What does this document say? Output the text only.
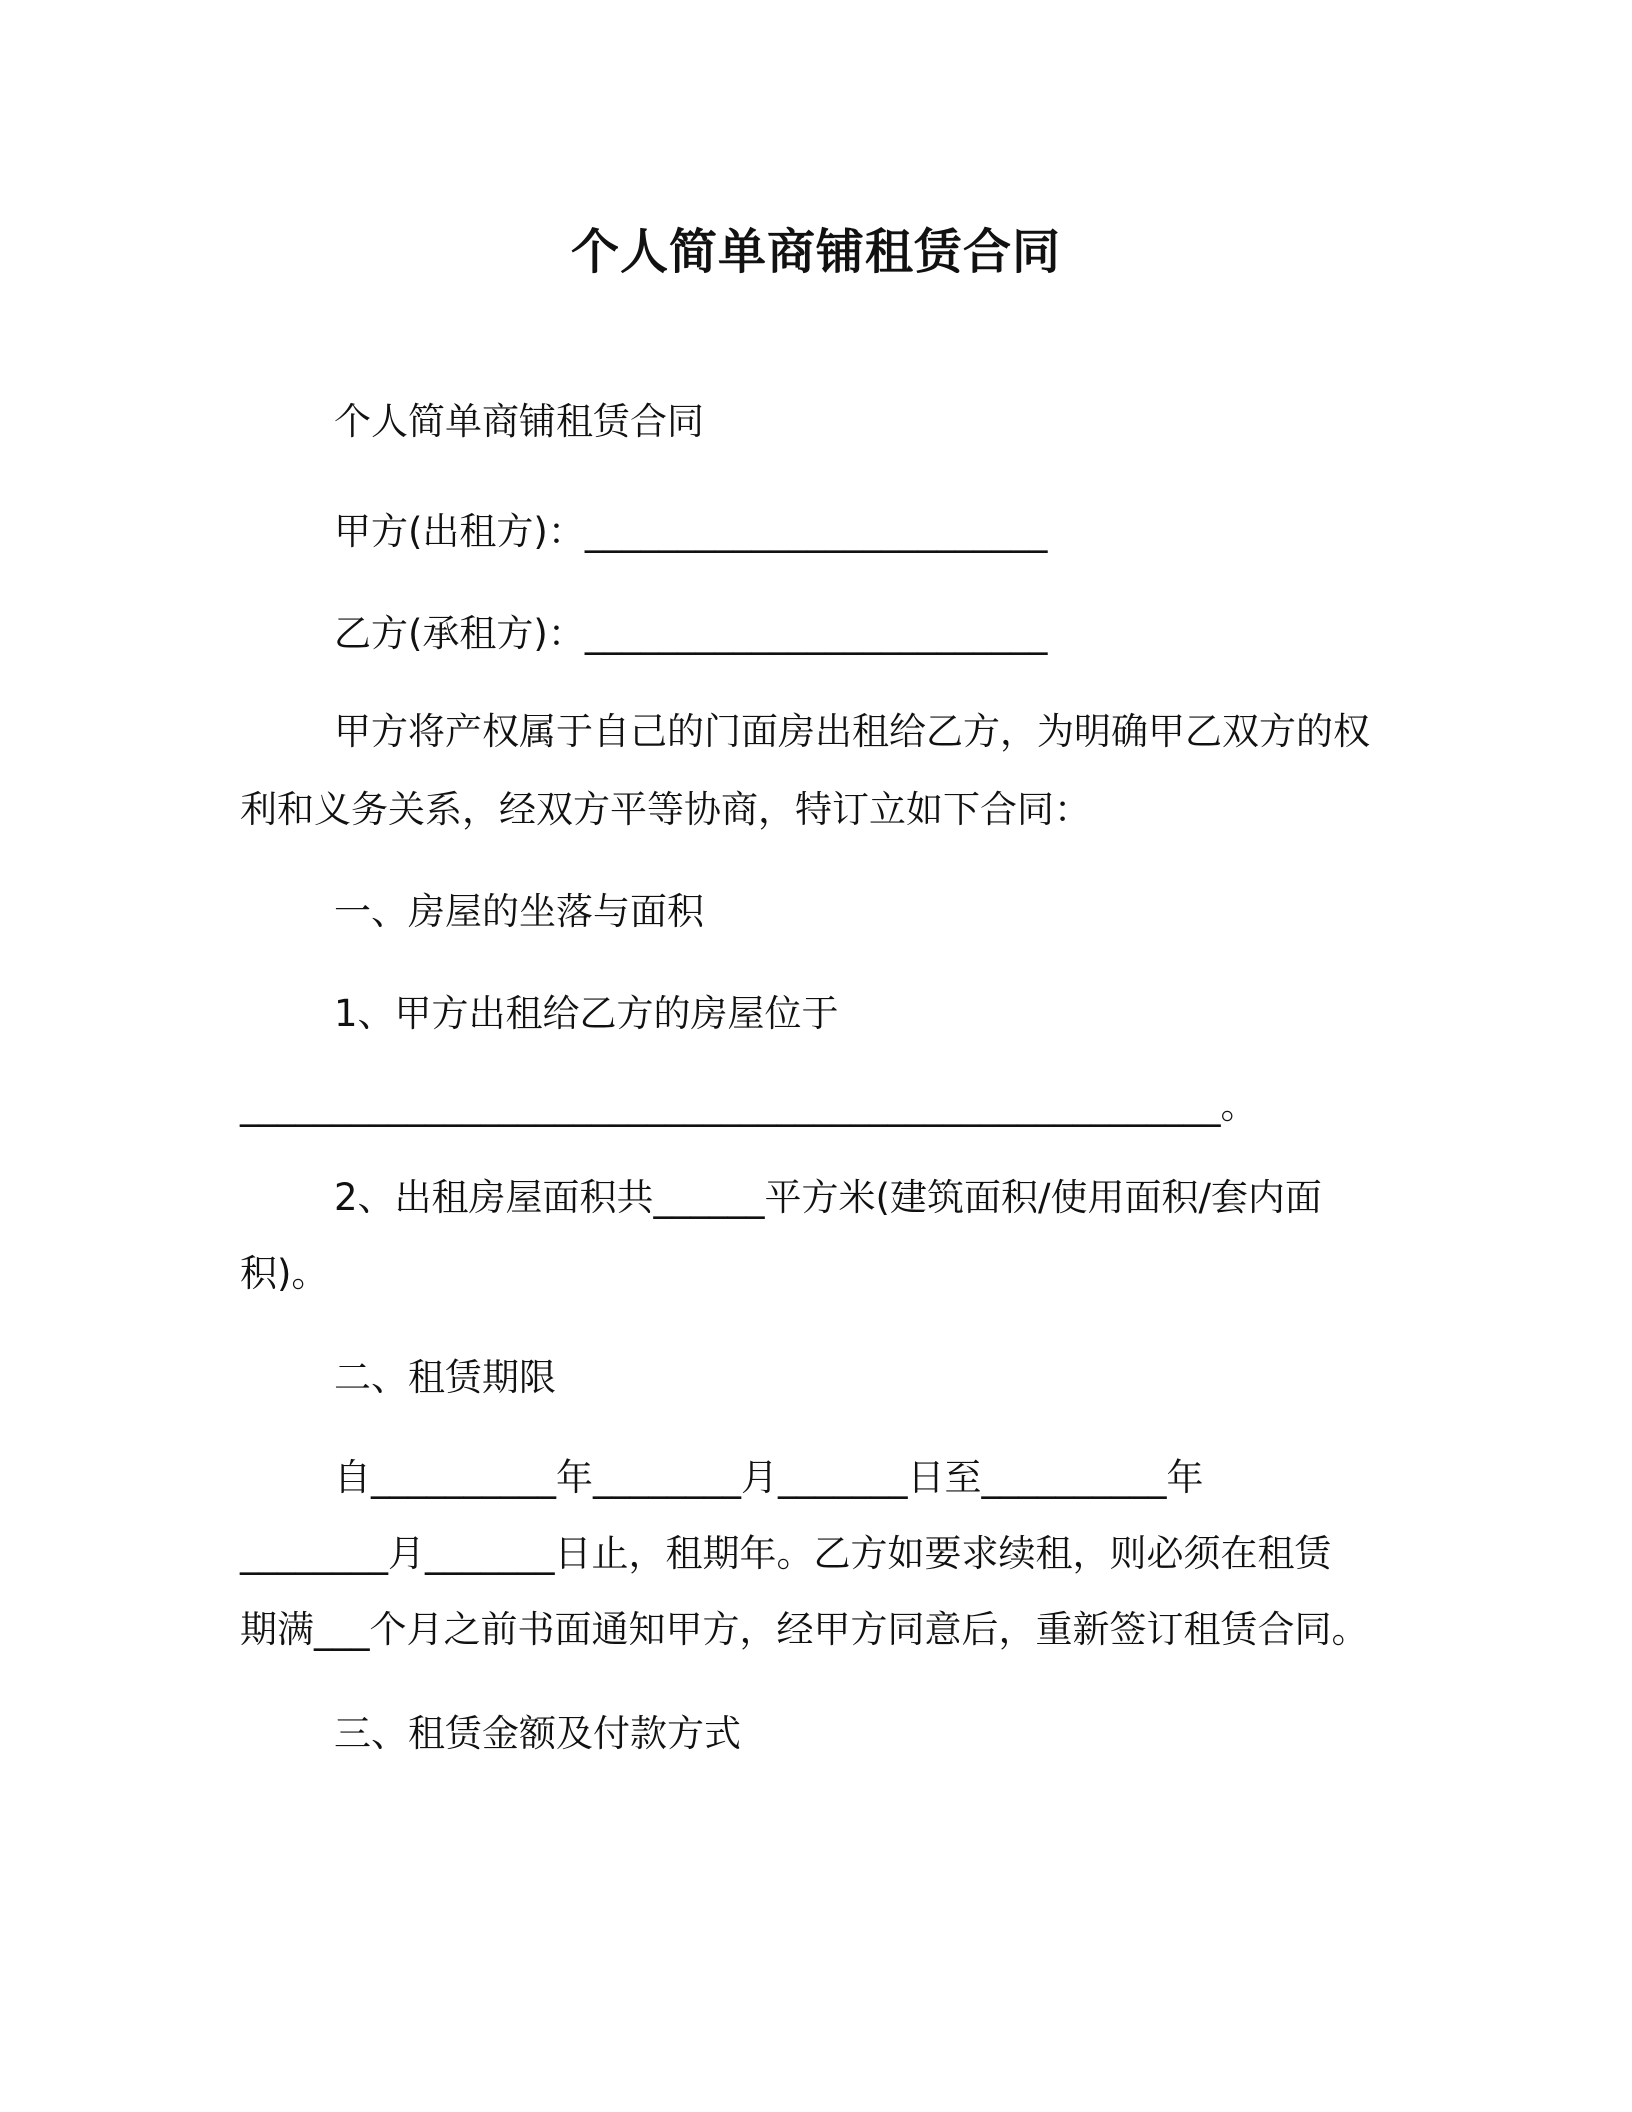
个人简单商铺租赁合同
个人简单商铺租赁合同
甲方(出租方)：_________________________
乙方(承租方)：_________________________
甲方将产权属于自己的门面房出租给乙方，为明确甲乙双方的权
利和义务关系，经双方平等协商，特订立如下合同：
一、房屋的坐落与面积
1、甲方出租给乙方的房屋位于
_____________________________________________________。
2、出租房屋面积共______平方米(建筑面积/使用面积/套内面
积)。
二、租赁期限
自__________年________月_______日至__________年
________月_______日止，租期年。乙方如要求续租，则必须在租赁
期满___个月之前书面通知甲方，经甲方同意后，重新签订租赁合同。
三、租赁金额及付款方式
